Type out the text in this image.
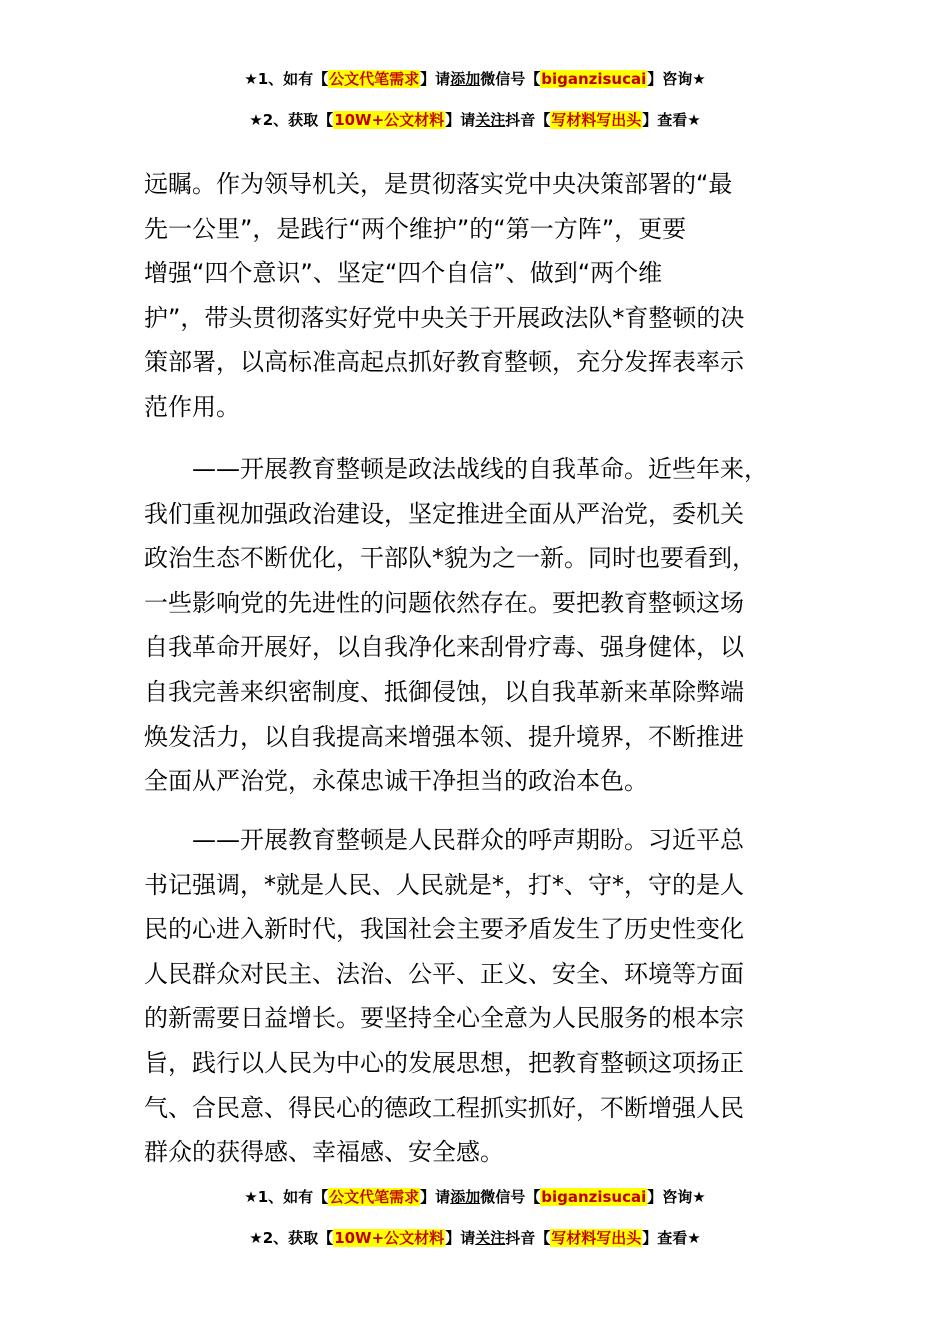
★1、如有【公文代笔需求】请添加微信号【biganzisucai】咨询★
★2、获取【10W+公文材料】请关注抖音【写材料写出头】查看★
远瞩。作为领导机关，是贯彻落实党中央决策部署的“最
先一公里”，是践行“两个维护”的“第一方阵”，更要
增强“四个意识”、坚定“四个自信”、做到“两个维
护”，带头贯彻落实好党中央关于开展政法队*育整顿的决
策部署，以高标准高起点抓好教育整顿，充分发挥表率示
范作用。
　　——开展教育整顿是政法战线的自我革命。近些年来，
我们重视加强政治建设，坚定推进全面从严治党，委机关
政治生态不断优化，干部队*貌为之一新。同时也要看到，
一些影响党的先进性的问题依然存在。要把教育整顿这场
自我革命开展好，以自我净化来刮骨疗毒、强身健体，以
自我完善来织密制度、抵御侵蚀，以自我革新来革除弊端
焕发活力，以自我提高来增强本领、提升境界，不断推进
全面从严治党，永葆忠诚干净担当的政治本色。
　　——开展教育整顿是人民群众的呼声期盼。习近平总
书记强调，*就是人民、人民就是*，打*、守*，守的是人
民的心进入新时代，我国社会主要矛盾发生了历史性变化
人民群众对民主、法治、公平、正义、安全、环境等方面
的新需要日益增长。要坚持全心全意为人民服务的根本宗
旨，践行以人民为中心的发展思想，把教育整顿这项扬正
气、合民意、得民心的德政工程抓实抓好，不断增强人民
群众的获得感、幸福感、安全感。
★1、如有【公文代笔需求】请添加微信号【biganzisucai】咨询★
★2、获取【10W+公文材料】请关注抖音【写材料写出头】查看★
